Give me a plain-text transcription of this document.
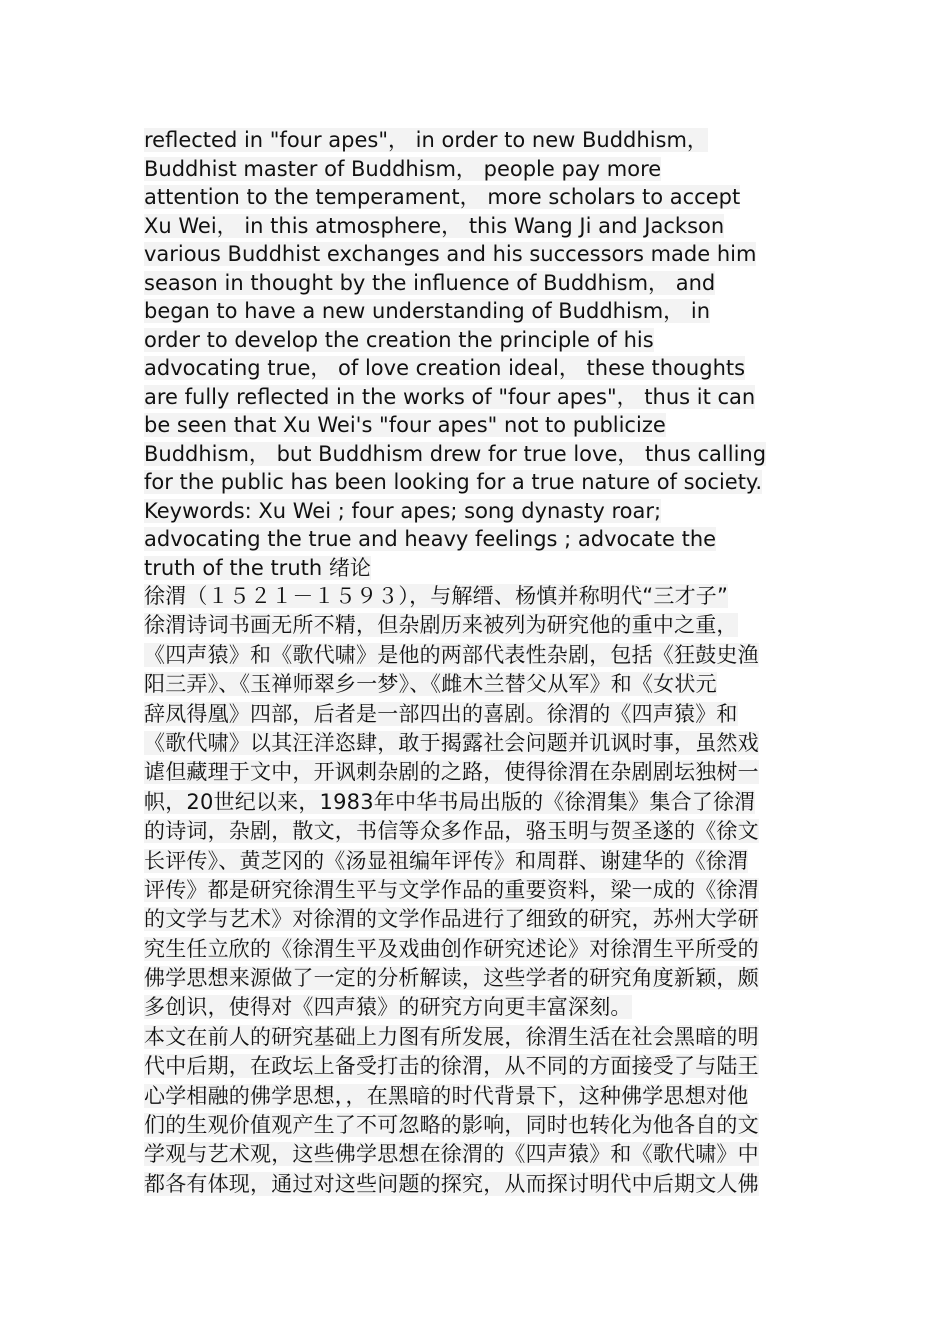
reflected in "four apes"， in order to new Buddhism，
Buddhist master of Buddhism， people pay more
attention to the temperament， more scholars to accept
Xu Wei， in this atmosphere， this Wang Ji and Jackson
various Buddhist exchanges and his successors made him
season in thought by the influence of Buddhism， and
began to have a new understanding of Buddhism， in
order to develop the creation the principle of his
advocating true， of love creation ideal， these thoughts
are fully reflected in the works of "four apes"， thus it can
be seen that Xu Wei's "four apes" not to publicize
Buddhism， but Buddhism drew for true love， thus calling
for the public has been looking for a true nature of society.
Keywords: Xu Wei ; four apes; song dynasty roar;
advocating the true and heavy feelings ; advocate the
truth of the truth 绪论
徐渭（１５２１－１５９３），与解缙、杨慎并称明代“三才子”
徐渭诗词书画无所不精，但杂剧历来被列为研究他的重中之重，
《四声猿》和《歌代啸》是他的两部代表性杂剧，包括《狂鼓史渔
阳三弄》、《玉禅师翠乡一梦》、《雌木兰替父从军》和《女状元
辞凤得凰》四部，后者是一部四出的喜剧。徐渭的《四声猿》和
《歌代啸》以其汪洋恣肆，敢于揭露社会问题并讥讽时事，虽然戏
谑但藏理于文中，开讽刺杂剧的之路，使得徐渭在杂剧剧坛独树一
帜，20世纪以来，1983年中华书局出版的《徐渭集》集合了徐渭
的诗词，杂剧，散文，书信等众多作品，骆玉明与贺圣遂的《徐文
长评传》、黄芝冈的《汤显祖编年评传》和周群、谢建华的《徐渭
评传》都是研究徐渭生平与文学作品的重要资料，梁一成的《徐渭
的文学与艺术》对徐渭的文学作品进行了细致的研究，苏州大学研
究生任立欣的《徐渭生平及戏曲创作研究述论》对徐渭生平所受的
佛学思想来源做了一定的分析解读，这些学者的研究角度新颖，颇
多创识，使得对《四声猿》的研究方向更丰富深刻。
本文在前人的研究基础上力图有所发展，徐渭生活在社会黑暗的明
代中后期，在政坛上备受打击的徐渭，从不同的方面接受了与陆王
心学相融的佛学思想，，在黑暗的时代背景下，这种佛学思想对他
们的生观价值观产生了不可忽略的影响，同时也转化为他各自的文
学观与艺术观，这些佛学思想在徐渭的《四声猿》和《歌代啸》中
都各有体现，通过对这些问题的探究，从而探讨明代中后期文人佛
